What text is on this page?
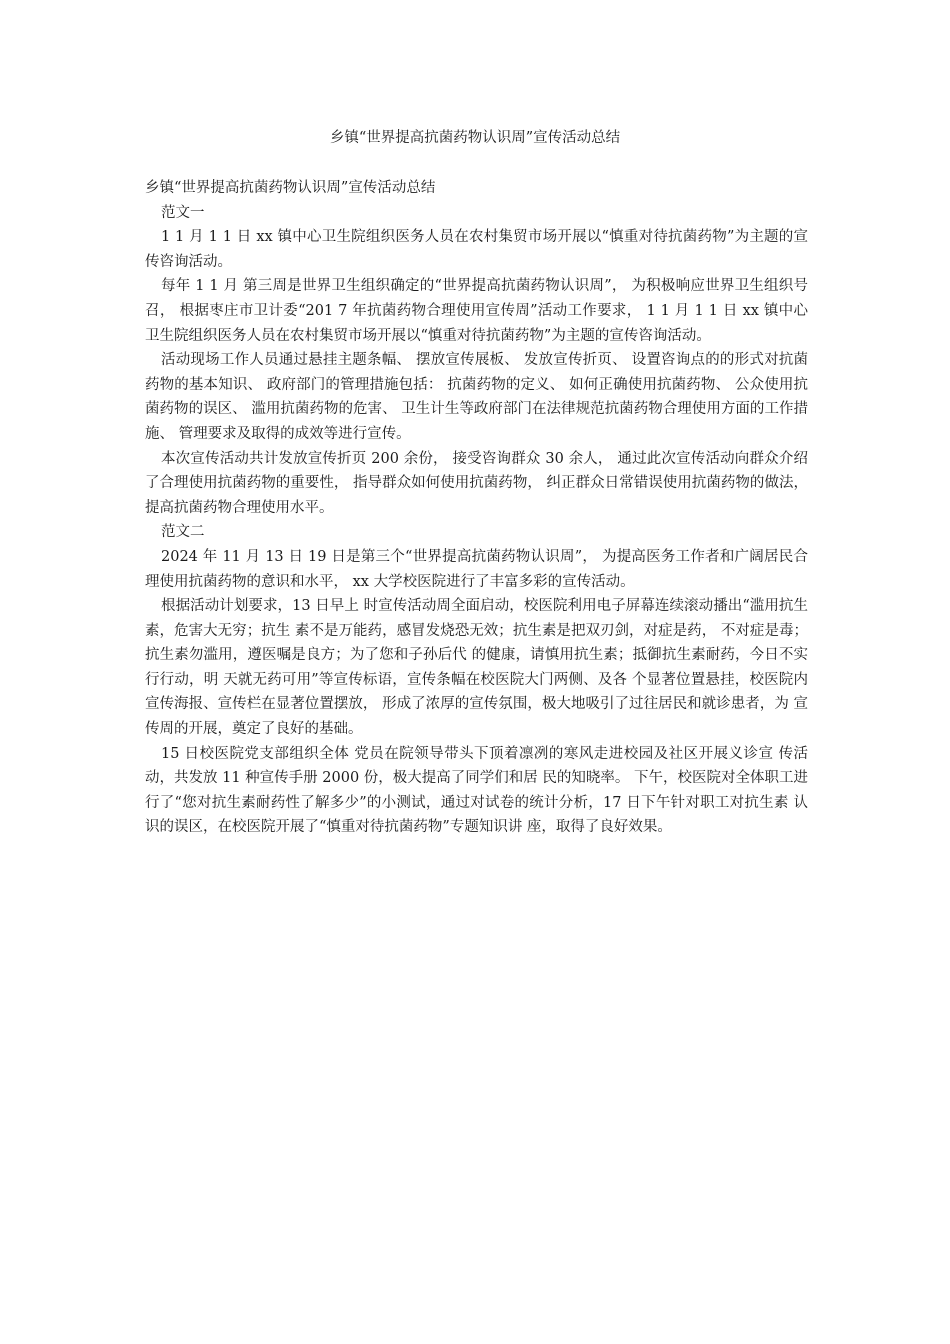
乡镇“世界提高抗菌药物认识周”宣传活动总结

乡镇“世界提高抗菌药物认识周”宣传活动总结

范文一

1 1 月 1 1 日 xx 镇中心卫生院组织医务人员在农村集贸市场开展以“慎重对待抗菌药物”为主题的宣传咨询活动。

每年 1 1 月 第三周是世界卫生组织确定的“世界提高抗菌药物认识周”， 为积极响应世界卫生组织号召， 根据枣庄市卫计委“201 7 年抗菌药物合理使用宣传周”活动工作要求， 1 1 月 1 1 日 xx 镇中心卫生院组织医务人员在农村集贸市场开展以“慎重对待抗菌药物”为主题的宣传咨询活动。

活动现场工作人员通过悬挂主题条幅、 摆放宣传展板、 发放宣传折页、 设置咨询点的的形式对抗菌药物的基本知识、 政府部门的管理措施包括： 抗菌药物的定义、 如何正确使用抗菌药物、 公众使用抗菌药物的误区、 滥用抗菌药物的危害、 卫生计生等政府部门在法律规范抗菌药物合理使用方面的工作措施、 管理要求及取得的成效等进行宣传。

本次宣传活动共计发放宣传折页 200 余份， 接受咨询群众 30 余人， 通过此次宣传活动向群众介绍了合理使用抗菌药物的重要性， 指导群众如何使用抗菌药物， 纠正群众日常错误使用抗菌药物的做法，提高抗菌药物合理使用水平。

范文二

2024 年 11 月 13 日 19 日是第三个“世界提高抗菌药物认识周”， 为提高医务工作者和广阔居民合理使用抗菌药物的意识和水平， xx 大学校医院进行了丰富多彩的宣传活动。

根据活动计划要求，13 日早上 时宣传活动周全面启动，校医院利用电子屏幕连续滚动播出“滥用抗生素，危害大无穷；抗生 素不是万能药，感冒发烧恐无效；抗生素是把双刃剑，对症是药， 不对症是毒；抗生素勿滥用，遵医嘱是良方；为了您和子孙后代 的健康，请慎用抗生素；抵御抗生素耐药，今日不实行行动，明 天就无药可用”等宣传标语，宣传条幅在校医院大门两侧、及各 个显著位置悬挂，校医院内宣传海报、宣传栏在显著位置摆放， 形成了浓厚的宣传氛围，极大地吸引了过往居民和就诊患者，为 宣传周的开展，奠定了良好的基础。

15 日校医院党支部组织全体 党员在院领导带头下顶着凛冽的寒风走进校园及社区开展义诊宣 传活动，共发放 11 种宣传手册 2000 份，极大提高了同学们和居 民的知晓率。 下午，校医院对全体职工进行了“您对抗生素耐药性了解多少”的小测试，通过对试卷的统计分析，17 日下午针对职工对抗生素 认识的误区，在校医院开展了“慎重对待抗菌药物”专题知识讲 座，取得了良好效果。
